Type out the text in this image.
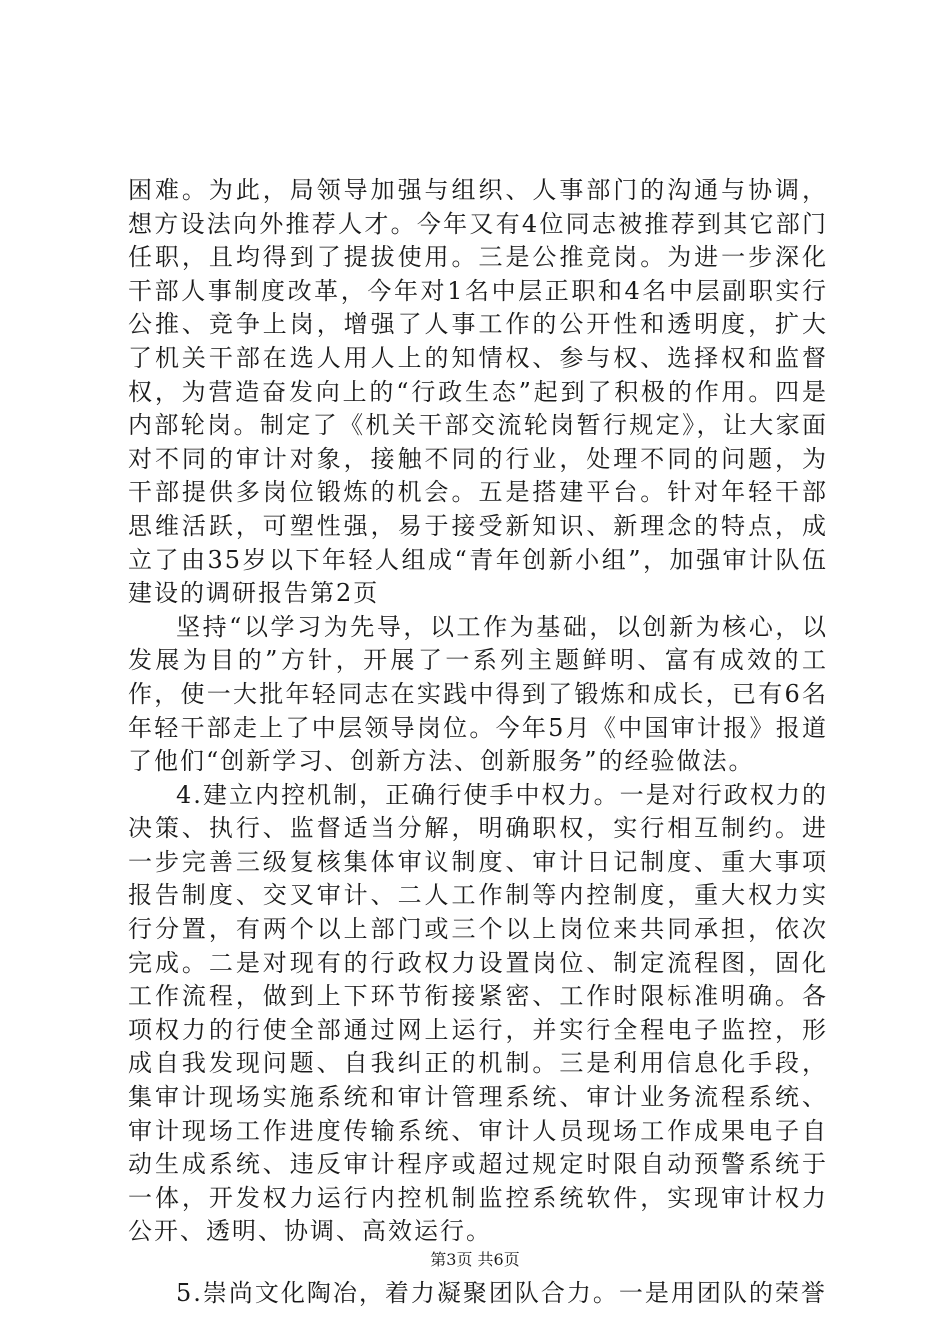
困难。为此，局领导加强与组织、人事部门的沟通与协调，想方设法向外推荐人才。今年又有4位同志被推荐到其它部门任职，且均得到了提拔使用。三是公推竞岗。为进一步深化干部人事制度改革，今年对1名中层正职和4名中层副职实行公推、竞争上岗，增强了人事工作的公开性和透明度，扩大了机关干部在选人用人上的知情权、参与权、选择权和监督权，为营造奋发向上的“行政生态”起到了积极的作用。四是内部轮岗。制定了《机关干部交流轮岗暂行规定》，让大家面对不同的审计对象，接触不同的行业，处理不同的问题，为干部提供多岗位锻炼的机会。五是搭建平台。针对年轻干部思维活跃，可塑性强，易于接受新知识、新理念的特点，成立了由35岁以下年轻人组成“青年创新小组”，加强审计队伍建设的调研报告第2页

坚持“以学习为先导，以工作为基础，以创新为核心，以发展为目的”方针，开展了一系列主题鲜明、富有成效的工作，使一大批年轻同志在实践中得到了锻炼和成长，已有6名年轻干部走上了中层领导岗位。今年5月《中国审计报》报道了他们“创新学习、创新方法、创新服务”的经验做法。

4.建立内控机制，正确行使手中权力。一是对行政权力的决策、执行、监督适当分解，明确职权，实行相互制约。进一步完善三级复核集体审议制度、审计日记制度、重大事项报告制度、交叉审计、二人工作制等内控制度，重大权力实行分置，有两个以上部门或三个以上岗位来共同承担，依次完成。二是对现有的行政权力设置岗位、制定流程图，固化工作流程，做到上下环节衔接紧密、工作时限标准明确。各项权力的行使全部通过网上运行，并实行全程电子监控，形成自我发现问题、自我纠正的机制。三是利用信息化手段，集审计现场实施系统和审计管理系统、审计业务流程系统、审计现场工作进度传输系统、审计人员现场工作成果电子自动生成系统、违反审计程序或超过规定时限自动预警系统于一体，开发权力运行内控机制监控系统软件，实现审计权力公开、透明、协调、高效运行。

5.崇尚文化陶冶，着力凝聚团队合力。一是用团队的荣誉

第3页 共6页
